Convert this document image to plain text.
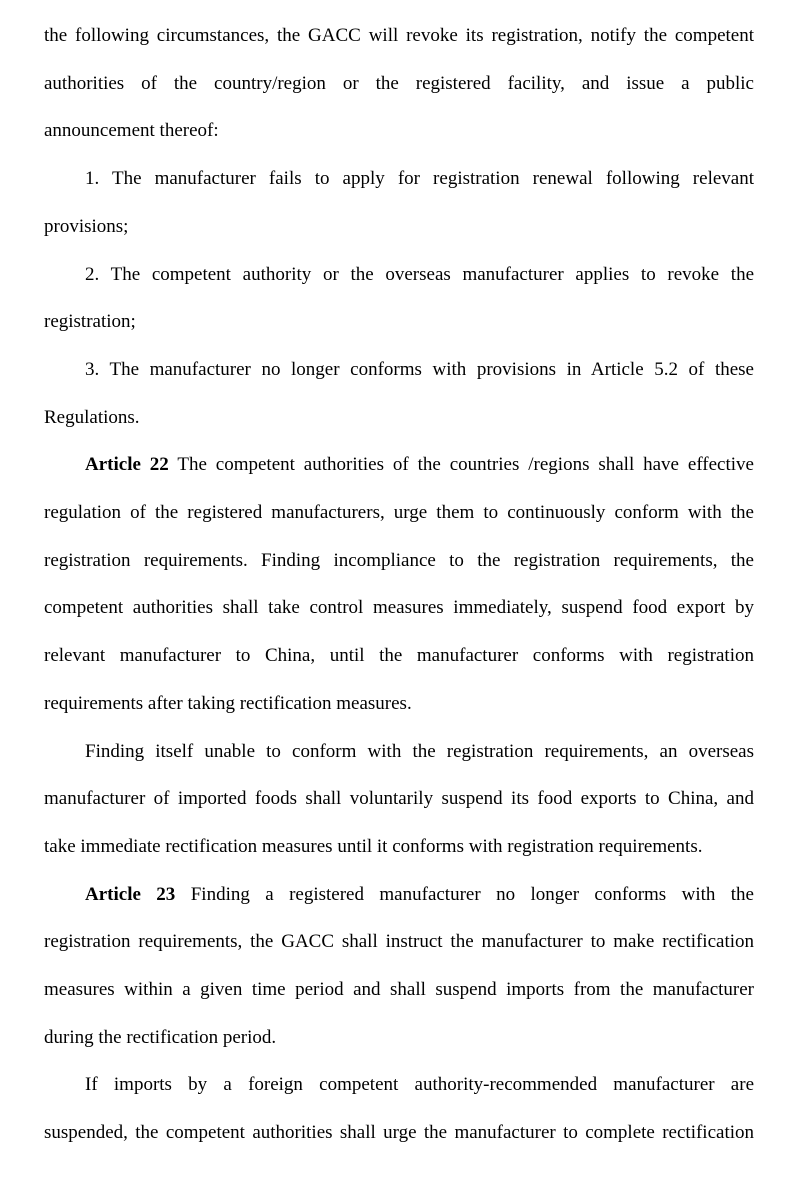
the following circumstances, the GACC will revoke its registration, notify the competent
authorities of the country/region or the registered facility, and issue a public
announcement thereof:
1. The manufacturer fails to apply for registration renewal following relevant
provisions;
2. The competent authority or the overseas manufacturer applies to revoke the
registration;
3. The manufacturer no longer conforms with provisions in Article 5.2 of these
Regulations.
Article 22 The competent authorities of the countries /regions shall have effective
regulation of the registered manufacturers, urge them to continuously conform with the
registration requirements. Finding incompliance to the registration requirements, the
competent authorities shall take control measures immediately, suspend food export by
relevant manufacturer to China, until the manufacturer conforms with registration
requirements after taking rectification measures.
Finding itself unable to conform with the registration requirements, an overseas
manufacturer of imported foods shall voluntarily suspend its food exports to China, and
take immediate rectification measures until it conforms with registration requirements.
Article 23 Finding a registered manufacturer no longer conforms with the
registration requirements, the GACC shall instruct the manufacturer to make rectification
measures within a given time period and shall suspend imports from the manufacturer
during the rectification period.
If imports by a foreign competent authority-recommended manufacturer are
suspended, the competent authorities shall urge the manufacturer to complete rectification
